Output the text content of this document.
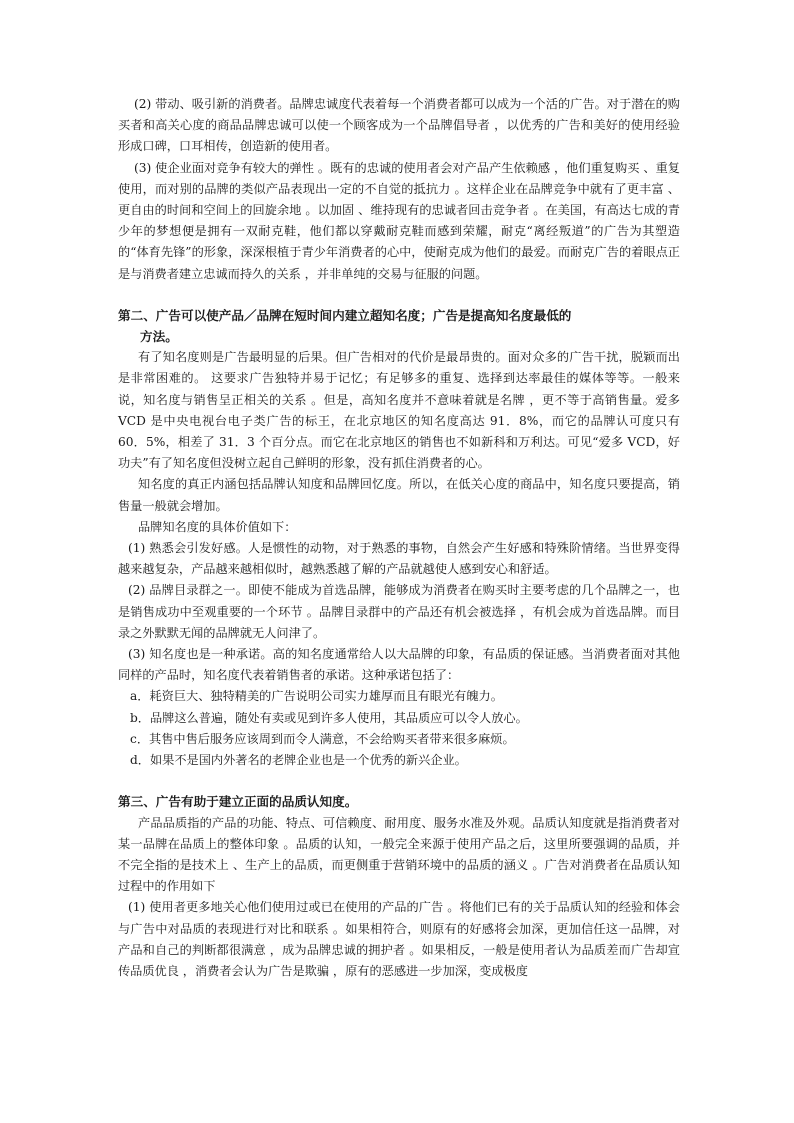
(2) 带动、吸引新的消费者。品牌忠诚度代表着每一个消费者都可以成为一个活的广告。对于潜在的购买者和高关心度的商品品牌忠诚可以使一个顾客成为一个品牌倡导者 ，以优秀的广告和美好的使用经验形成口碑，口耳相传，创造新的使用者。

(3) 使企业面对竞争有较大的弹性 。既有的忠诚的使用者会对产品产生依赖感 ，他们重复购买 、重复使用，而对别的品牌的类似产品表现出一定的不自觉的抵抗力 。这样企业在品牌竞争中就有了更丰富 、更自由的时间和空间上的回旋余地 。以加固 、维持现有的忠诚者回击竞争者 。在美国，有高达七成的青少年的梦想便是拥有一双耐克鞋，他们都以穿戴耐克鞋而感到荣耀，耐克“离经叛道”的广告为其塑造的“体育先锋”的形象，深深根植于青少年消费者的心中，使耐克成为他们的最爱。而耐克广告的着眼点正是与消费者建立忠诚而持久的关系 ，并非单纯的交易与征服的问题。

第二、广告可以使产品／品牌在短时间内建立超知名度；广告是提高知名度最低的
方法。

有了知名度则是广告最明显的后果。但广告相对的代价是最昂贵的。面对众多的广告干扰，脱颖而出是非常困难的。 这要求广告独特并易于记忆；有足够多的重复、选择到达率最佳的媒体等等。一般来说，知名度与销售呈正相关的关系 。但是，高知名度并不意味着就是名牌 ，更不等于高销售量。爱多 VCD 是中央电视台电子类广告的标王，在北京地区的知名度高达 91．8%，而它的品牌认可度只有 60．5%，相差了 31．3 个百分点。而它在北京地区的销售也不如新科和万利达。可见“爱多 VCD，好功夫”有了知名度但没树立起自己鲜明的形象，没有抓住消费者的心。

知名度的真正内涵包括品牌认知度和品牌回忆度。所以，在低关心度的商品中，知名度只要提高，销售量一般就会增加。

品牌知名度的具体价值如下：

(1) 熟悉会引发好感。人是惯性的动物，对于熟悉的事物，自然会产生好感和特殊阶情绪。当世界变得越来越复杂，产品越来越相似时，越熟悉越了解的产品就越使人感到安心和舒适。

(2) 品牌目录群之一。即使不能成为首选品牌，能够成为消费者在购买时主要考虑的几个品牌之一，也是销售成功中至观重要的一个环节 。品牌目录群中的产品还有机会被选择 ，有机会成为首选品牌。而目录之外默默无闻的品牌就无人问津了。

(3) 知名度也是一种承诺。高的知名度通常给人以大品牌的印象，有品质的保证感。当消费者面对其他同样的产品时，知名度代表着销售者的承诺。这种承诺包括了：

a．耗资巨大、独特精美的广告说明公司实力雄厚而且有眼光有魄力。

b．品牌这么普遍，随处有卖或见到许多人使用，其品质应可以令人放心。

c．其售中售后服务应该周到而令人满意，不会给购买者带来很多麻烦。

d．如果不是国内外著名的老牌企业也是一个优秀的新兴企业。

第三、广告有助于建立正面的品质认知度。

产品品质指的产品的功能、特点、可信赖度、耐用度、服务水准及外观。品质认知度就是指消费者对某一品牌在品质上的整体印象 。品质的认知，一般完全来源于使用产品之后，这里所要强调的品质，并不完全指的是技术上 、生产上的品质，而更侧重于营销环境中的品质的涵义 。广告对消费者在品质认知过程中的作用如下

(1) 使用者更多地关心他们使用过或已在使用的产品的广告 。将他们已有的关于品质认知的经验和体会与广告中对品质的表现进行对比和联系 。如果相符合，则原有的好感将会加深，更加信任这一品牌，对产品和自己的判断都很满意 ，成为品牌忠诚的拥护者 。如果相反，一般是使用者认为品质差而广告却宣传品质优良 ，消费者会认为广告是欺骗 ，原有的恶感进一步加深，变成极度
